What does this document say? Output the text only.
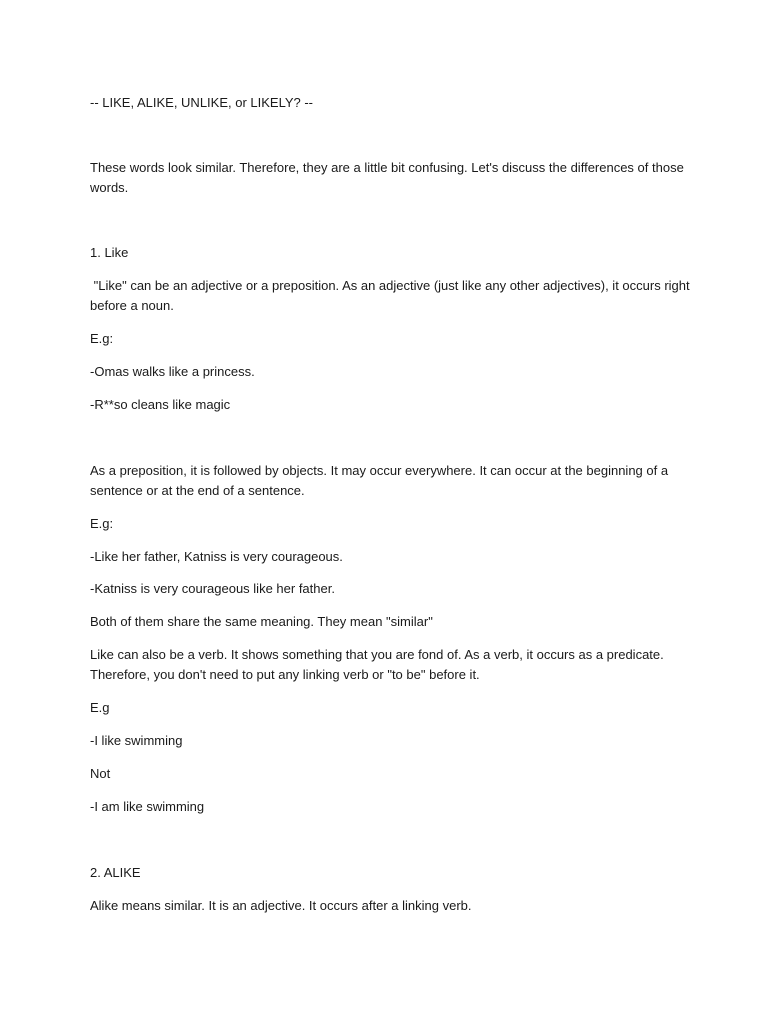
-- LIKE, ALIKE, UNLIKE, or LIKELY? --

These words look similar. Therefore, they are a little bit confusing. Let's discuss the differences of those words.

1. Like

"Like" can be an adjective or a preposition. As an adjective (just like any other adjectives), it occurs right before a noun.

E.g:

-Omas walks like a princess.

-R**so cleans like magic

As a preposition, it is followed by objects. It may occur everywhere. It can occur at the beginning of a sentence or at the end of a sentence.

E.g:

-Like her father, Katniss is very courageous.

-Katniss is very courageous like her father.

Both of them share the same meaning. They mean "similar"

Like can also be a verb. It shows something that you are fond of. As a verb, it occurs as a predicate. Therefore, you don't need to put any linking verb or "to be" before it.

E.g

-I like swimming

Not

-I am like swimming

2. ALIKE

Alike means similar. It is an adjective. It occurs after a linking verb.
